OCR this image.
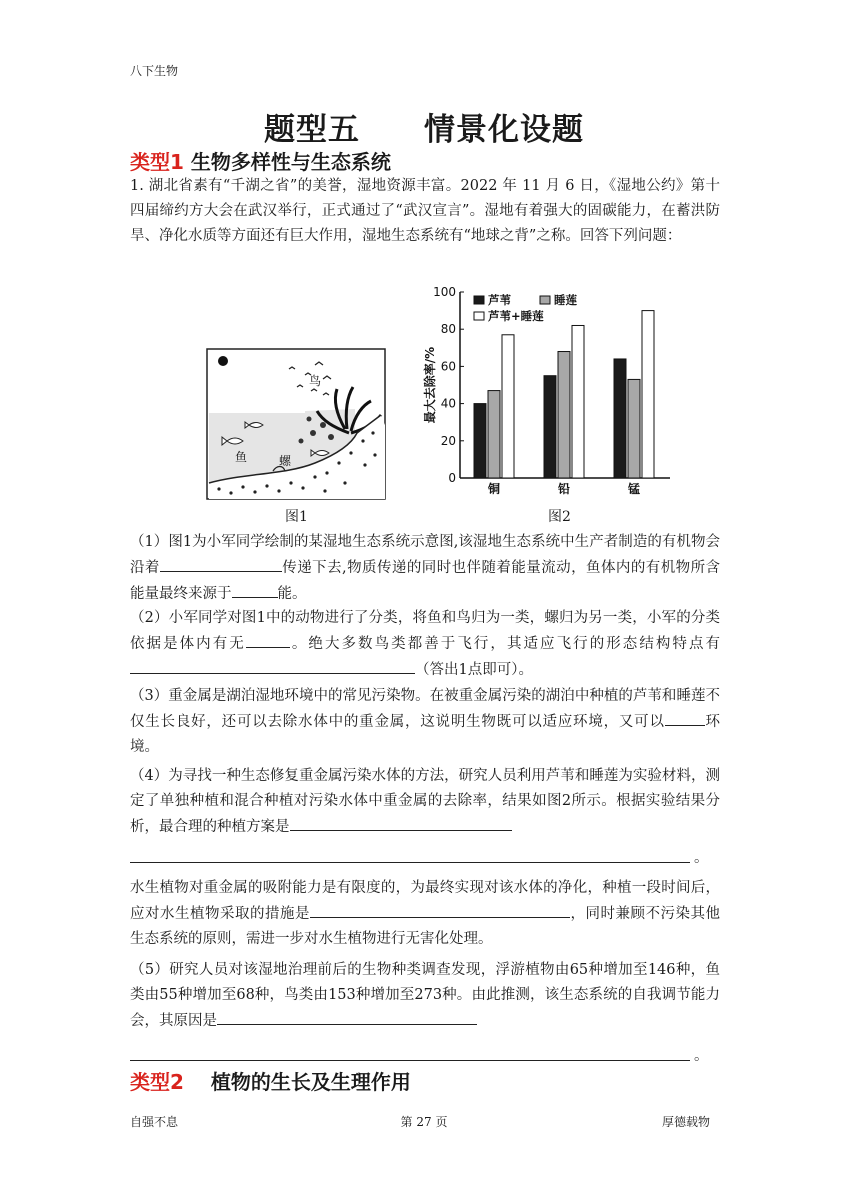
八下生物
题型五　　情景化设题
类型1 生物多样性与生态系统
1. 湖北省素有“千湖之省”的美誉，湿地资源丰富。2022 年 11 月 6 日，《湿地公约》第十四届缔约方大会在武汉举行，正式通过了“武汉宣言”。湿地有着强大的固碳能力，在蓄洪防旱、净化水质等方面还有巨大作用，湿地生态系统有“地球之背”之称。回答下列问题：
鸟
鱼	螺
图1
0
20
40
60
80
100
最大去除率/%
铜	铅	锰
芦苇	睡莲
芦苇+睡莲
图2
（1）图1为小军同学绘制的某湿地生态系统示意图,该湿地生态系统中生产者制造的有机物会沿着	传递下去,物质传递的同时也伴随着能量流动，鱼体内的有机物所含能量最终来源于	能。
（2）小军同学对图1中的动物进行了分类，将鱼和鸟归为一类，螺归为另一类，小军的分类依据是体内有无	。绝大多数鸟类都善于飞行，其适应飞行的形态结构特点有（答出1点即可）。
（3）重金属是湖泊湿地环境中的常见污染物。在被重金属污染的湖泊中种植的芦苇和睡莲不仅生长良好，还可以去除水体中的重金属，这说明生物既可以适应环境，又可以	环境。
（4）为寻找一种生态修复重金属污染水体的方法，研究人员利用芦苇和睡莲为实验材料，测定了单独种植和混合种植对污染水体中重金属的去除率，结果如图2所示。根据实验结果分析，最合理的种植方案是
。
水生植物对重金属的吸附能力是有限度的，为最终实现对该水体的净化，种植一段时间后，应对水生植物采取的措施是	，同时兼顾不污染其他生态系统的原则，需进一步对水生植物进行无害化处理。
（5）研究人员对该湿地治理前后的生物种类调查发现，浮游植物由65种增加至146种，鱼类由55种增加至68种，鸟类由153种增加至273种。由此推测，该生态系统的自我调节能力会，其原因是
。
类型2 　植物的生长及生理作用
自强不息	第 27 页	厚德载物
